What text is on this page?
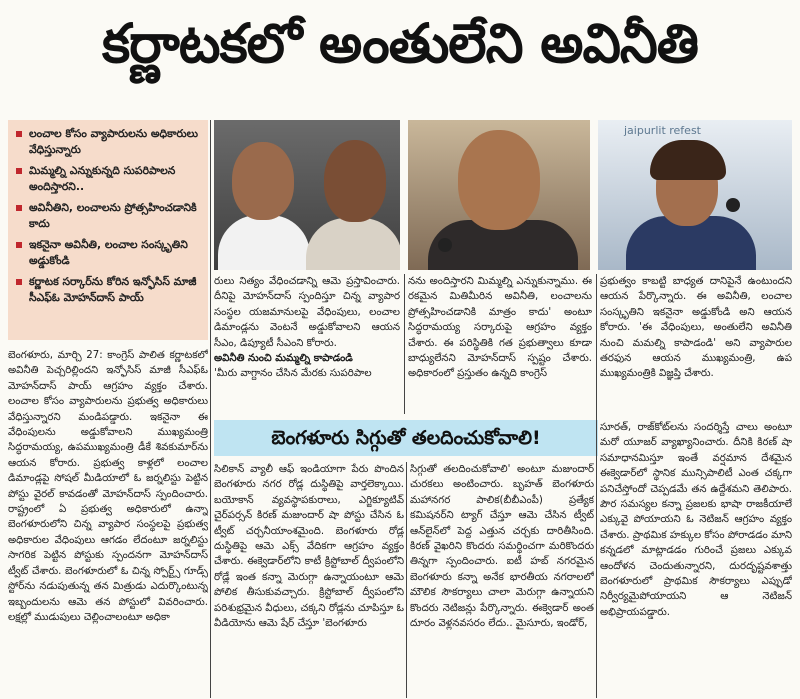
కర్ణాటకలో అంతులేని అవినీతి
లంచాల కోసం వ్యాపారులను అధికారులు వేధిస్తున్నారు
మిమ్మల్ని ఎన్నుకున్నది సుపరిపాలన అందిస్తారని..
అవినీతిని, లంచాలను ప్రోత్సహించడానికి కాదు
ఇకనైనా అవినీతి, లంచాల సంస్కృతిని అడ్డుకోండి
కర్ణాటక సర్కార్‌ను కోరిన ఇన్ఫోసిస్ మాజీ సీఎఫ్ఓ మోహన్‌దాస్ పాయ్
jaipurlit refest

బెంగళూరు, మార్చి 27: కాంగ్రెస్ పాలిత కర్ణాటకలో అవినీతి పెచ్చరిల్లిందని ఇన్ఫోసిస్ మాజీ సీఎఫ్ఓ మోహన్‌దాస్ పాయ్ ఆగ్రహం వ్యక్తం చేశారు. లంచాల కోసం వ్యాపారులను ప్రభుత్వ అధికారులు వేధిస్తున్నారని మండిపడ్డారు. ఇకనైనా ఈ వేధింపులను అడ్డుకోవాలని ముఖ్యమంత్రి సిద్ధరామయ్య, ఉపముఖ్యమంత్రి డీకే శివకుమార్‌ను ఆయన కోరారు. ప్రభుత్వ కాళ్లలో లంచాల డిమాండ్లపై సోషల్ మీడియాలో ఓ జర్నలిస్టు పెట్టిన పోస్టు వైరల్ కావడంతో మోహన్‌దాస్ స్పందించారు. రాష్ట్రంలో ఏ ప్రభుత్వ అధికారులో ఉన్నా బెంగళూరులోని చిన్న వ్యాపార సంస్థలపై ప్రభుత్వ అధికారుల వేధింపులు ఆగడం లేదంటూ జర్నలిస్టు సాగరిక పెట్టిన పోస్టుకు స్పందనగా మోహన్‌దాస్ ట్వీట్ చేశారు. బెంగళూరులో ఓ చిన్న స్పోర్ట్స్ గూడ్స్ స్టోర్‌ను నడుపుతున్న తన మిత్రుడు ఎదుర్కొంటున్న ఇబ్బందులను ఆమె తన పోస్టులో వివరించారు. లక్షల్లో ముడుపులు చెల్లించాలంటూ అధికా

రులు నిత్యం వేధించడాన్ని ఆమె ప్రస్తావించారు. దీనిపై మోహన్‌దాస్ స్పందిస్తూ చిన్న వ్యాపార సంస్థల యజమానులపై వేధింపులు, లంచాల డిమాండ్లను వెంటనే అడ్డుకోవాలని ఆయన సీఎం, డిప్యూటీ సీఎంని కోరారు.

అవినీతి నుంచి మమ్మల్ని కాపాడండి

'మీరు వాగ్దానం చేసిన మేరకు సుపరిపాల

నను అందిస్తారని మిమ్మల్ని ఎన్నుకున్నాము. ఈ రకమైన మితిమీరిన అవినీతి, లంచాలను ప్రోత్సహించడానికి మాత్రం కాదు' అంటూ సిద్ధరామయ్య సర్కారుపై ఆగ్రహం వ్యక్తం చేశారు. ఈ పరిస్థితికి గత ప్రభుత్వాలు కూడా బాధ్యులేనని మోహన్‌దాస్ స్పష్టం చేశారు. అధికారంలో ప్రస్తుతం ఉన్నది కాంగ్రెస్

ప్రభుత్వం కాబట్టి బాధ్యత దానిపైనే ఉంటుందని ఆయన పేర్కొన్నారు. ఈ అవినీతి, లంచాల సంస్కృతిని ఇకనైనా అడ్డుకోండి అని ఆయన కోరారు. 'ఈ వేధింపులు, అంతులేని అవినీతి నుంచి మమల్ని కాపాడండి' అని వ్యాపారుల తరఫున ఆయన ముఖ్యమంత్రి, ఉప ముఖ్యమంత్రికి విజ్ఞప్తి చేశారు.

బెంగళూరు సిగ్గుతో తలదించుకోవాలి!

సిలికాన్ వ్యాలీ ఆఫ్ ఇండియాగా పేరు పొందిన బెంగళూరు నగర రోడ్ల దుస్థితిపై వార్తలెక్కాయి. బయోకాన్ వ్యవస్థాపకురాలు, ఎగ్జిక్యూటివ్ చైర్‌పర్సన్ కిరణ్ మజుందార్ షా పోస్టు చేసిన ఓ ట్వీట్ చర్చనీయాంశమైంది. బెంగళూరు రోడ్ల దుస్థితిపై ఆమె ఎక్స్ వేదికగా ఆగ్రహం వ్యక్తం చేశారు. ఈక్వెడార్‌లోని కాటీ క్రిస్టోబాల్ ద్వీపంలోని రోడ్లే ఇంత కన్నా మెరుగ్గా ఉన్నాయంటూ ఆమె పోలిక తీసుకువచ్చారు. క్రిస్టోబాల్ ద్వీపంలోని పరిశుభ్రమైన వీధులు, చక్కని రోడ్లను చూపిస్తూ ఓ వీడియోను ఆమె షేర్ చేస్తూ 'బెంగళూరు

సిగ్గుతో తలదించుకోవాలి' అంటూ మజుందార్ చురకలు అంటించారు. బృహత్ బెంగళూరు మహానగర పాలిక(బీబీఎంపీ) ప్రత్యేక కమిషనర్‌ని ట్యాగ్ చేస్తూ ఆమె చేసిన ట్వీట్ ఆన్‌లైన్‌లో పెద్ద ఎత్తున చర్చకు దారితీసింది. కిరణ్ వైఖరిని కొందరు సమర్థించగా మరికొందరు తిన్నగా స్పందించారు. ఐటీ హబ్ నగరమైన బెంగళూరు కన్నా అనేక భారతీయ నగరాలలో మౌలిక సౌకర్యాలు చాలా మెరుగ్గా ఉన్నాయని కొందరు నెటిజన్లు పేర్కొన్నారు. ఈక్వెడార్ అంత దూరం వెళ్లనవసరం లేదు.. మైసూరు, ఇండోర్,

సూరత్, రాజ్‌కోట్‌లను సందర్శిస్తే చాలు అంటూ మరో యూజర్ వ్యాఖ్యానించారు. దీనికి కిరణ్ షా సమాధానమిస్తూ ఇంతే వర్షమాన దేశమైన ఈక్వెడార్‌లో స్థానిక మున్సిపాలిటీ ఎంత చక్కగా పనిచేస్తోందో చెప్పడమే తన ఉద్దేశమని తెలిపారు. పౌర సమస్యల కన్నా ప్రజలకు భాషా రాజకీయాలే ఎక్కువై పోయాయని ఓ నెటిజన్ ఆగ్రహం వ్యక్తం చేశారు. ప్రాథమిక హక్కుల కోసం పోరాడడం మాని కన్నడలో మాట్లాడడం గురించే ప్రజలు ఎక్కువ ఆందోళన చెందుతున్నారని, దురదృష్టవశాత్తు బెంగళూరులో ప్రాథమిక సౌకర్యాలు ఎప్పుడో నిర్వీర్యమైపోయాయని ఆ నెటిజన్ అభిప్రాయపడ్డారు.
